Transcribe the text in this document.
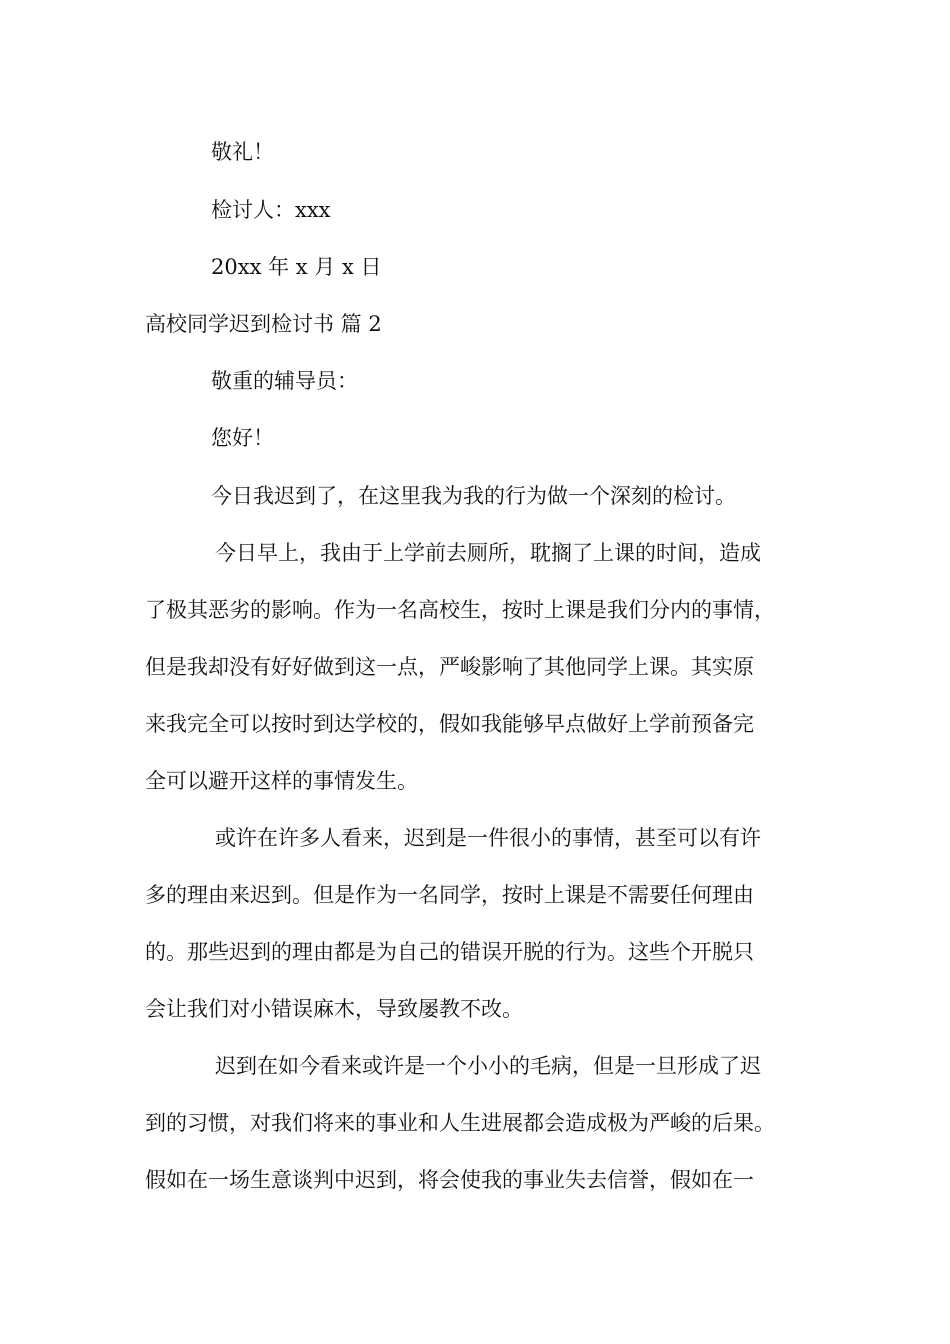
敬礼！
检讨人：xxx
20xx 年 x 月 x 日
高校同学迟到检讨书 篇 2
敬重的辅导员：
您好！
今日我迟到了，在这里我为我的行为做一个深刻的检讨。
今日早上，我由于上学前去厕所，耽搁了上课的时间，造成
了极其恶劣的影响。作为一名高校生，按时上课是我们分内的事情，
但是我却没有好好做到这一点，严峻影响了其他同学上课。其实原
来我完全可以按时到达学校的，假如我能够早点做好上学前预备完
全可以避开这样的事情发生。
或许在许多人看来，迟到是一件很小的事情，甚至可以有许
多的理由来迟到。但是作为一名同学，按时上课是不需要任何理由
的。那些迟到的理由都是为自己的错误开脱的行为。这些个开脱只
会让我们对小错误麻木，导致屡教不改。
迟到在如今看来或许是一个小小的毛病，但是一旦形成了迟
到的习惯，对我们将来的事业和人生进展都会造成极为严峻的后果。
假如在一场生意谈判中迟到，将会使我的事业失去信誉，假如在一
